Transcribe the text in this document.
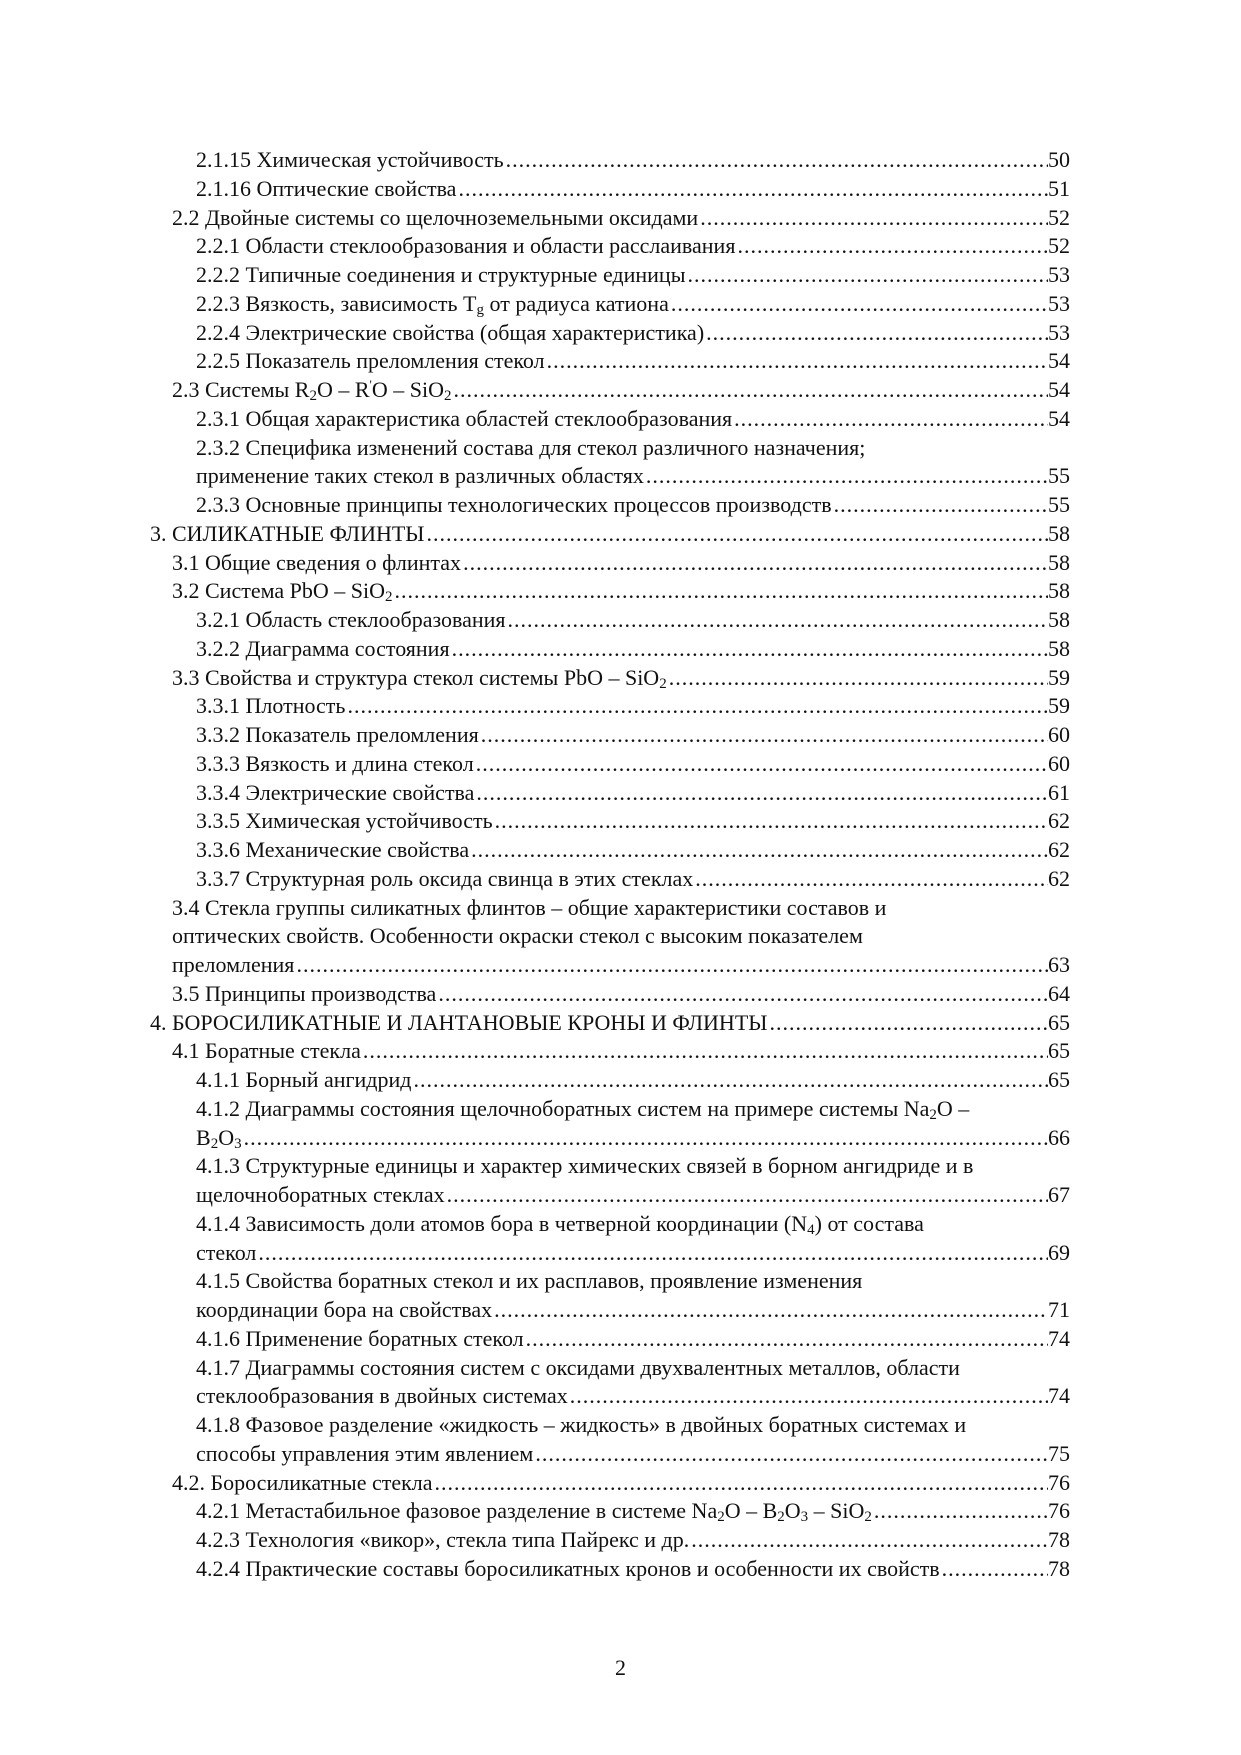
2.1.15 Химическая устойчивость .....	50
2.1.16 Оптические свойства .....	51
2.2 Двойные системы со щелочноземельными оксидами .....	52
2.2.1 Области стеклообразования и области расслаивания .....	52
2.2.2 Типичные соединения и структурные единицы .....	53
2.2.3 Вязкость, зависимость $T_g$ от радиуса катиона .....	53
2.2.4 Электрические свойства (общая характеристика) .....	53
2.2.5 Показатель преломления стекол .....	54
2.3 Системы $R_2O - R'O - SiO_2$ .....	54
2.3.1 Общая характеристика областей стеклообразования .....	54
2.3.2 Специфика изменений состава для стекол различного назначения;
применение таких стекол в различных областях .....	55
2.3.3 Основные принципы технологических процессов производств .....	55
3. СИЛИКАТНЫЕ ФЛИНТЫ .....	58
3.1 Общие сведения о флинтах .....	58
3.2 Система PbO – SiO$_2$ .....	58
3.2.1 Область стеклообразования .....	58
3.2.2 Диаграмма состояния .....	58
3.3 Свойства и структура стекол системы PbO – SiO$_2$ .....	59
3.3.1 Плотность .....	59
3.3.2 Показатель преломления .....	60
3.3.3 Вязкость и длина стекол .....	60
3.3.4 Электрические свойства .....	61
3.3.5 Химическая устойчивость .....	62
3.3.6 Механические свойства .....	62
3.3.7 Структурная роль оксида свинца в этих стеклах .....	62
3.4 Стекла группы силикатных флинтов – общие характеристики составов и
оптических свойств. Особенности окраски стекол с высоким показателем
преломления .....	63
3.5 Принципы производства .....	64
4. БОРОСИЛИКАТНЫЕ И ЛАНТАНОВЫЕ КРОНЫ И ФЛИНТЫ .....	65
4.1 Боратные стекла .....	65
4.1.1 Борный ангидрид .....	65
4.1.2 Диаграммы состояния щелочноборатных систем на примере системы $Na_2O$ –
$B_2O_3$ .....	66
4.1.3 Структурные единицы и характер химических связей в борном ангидриде и в
щелочноборатных стеклах .....	67
4.1.4 Зависимость доли атомов бора в четверной координации $(N_4)$ от состава
стекол .....	69
4.1.5 Свойства боратных стекол и их расплавов, проявление изменения
координации бора на свойствах .....	71
4.1.6 Применение боратных стекол .....	74
4.1.7 Диаграммы состояния систем с оксидами двухвалентных металлов, области
стеклообразования в двойных системах .....	74
4.1.8 Фазовое разделение «жидкость – жидкость» в двойных боратных системах и
способы управления этим явлением .....	75
4.2. Боросиликатные стекла .....	76
4.2.1 Метастабильное фазовое разделение в системе $Na_2O - B_2O_3 - SiO_2$ .....	76
4.2.3 Технология «викор», стекла типа Пайрекс и др. .....	78
4.2.4 Практические составы боросиликатных кронов и особенности их свойств .....	78
2
